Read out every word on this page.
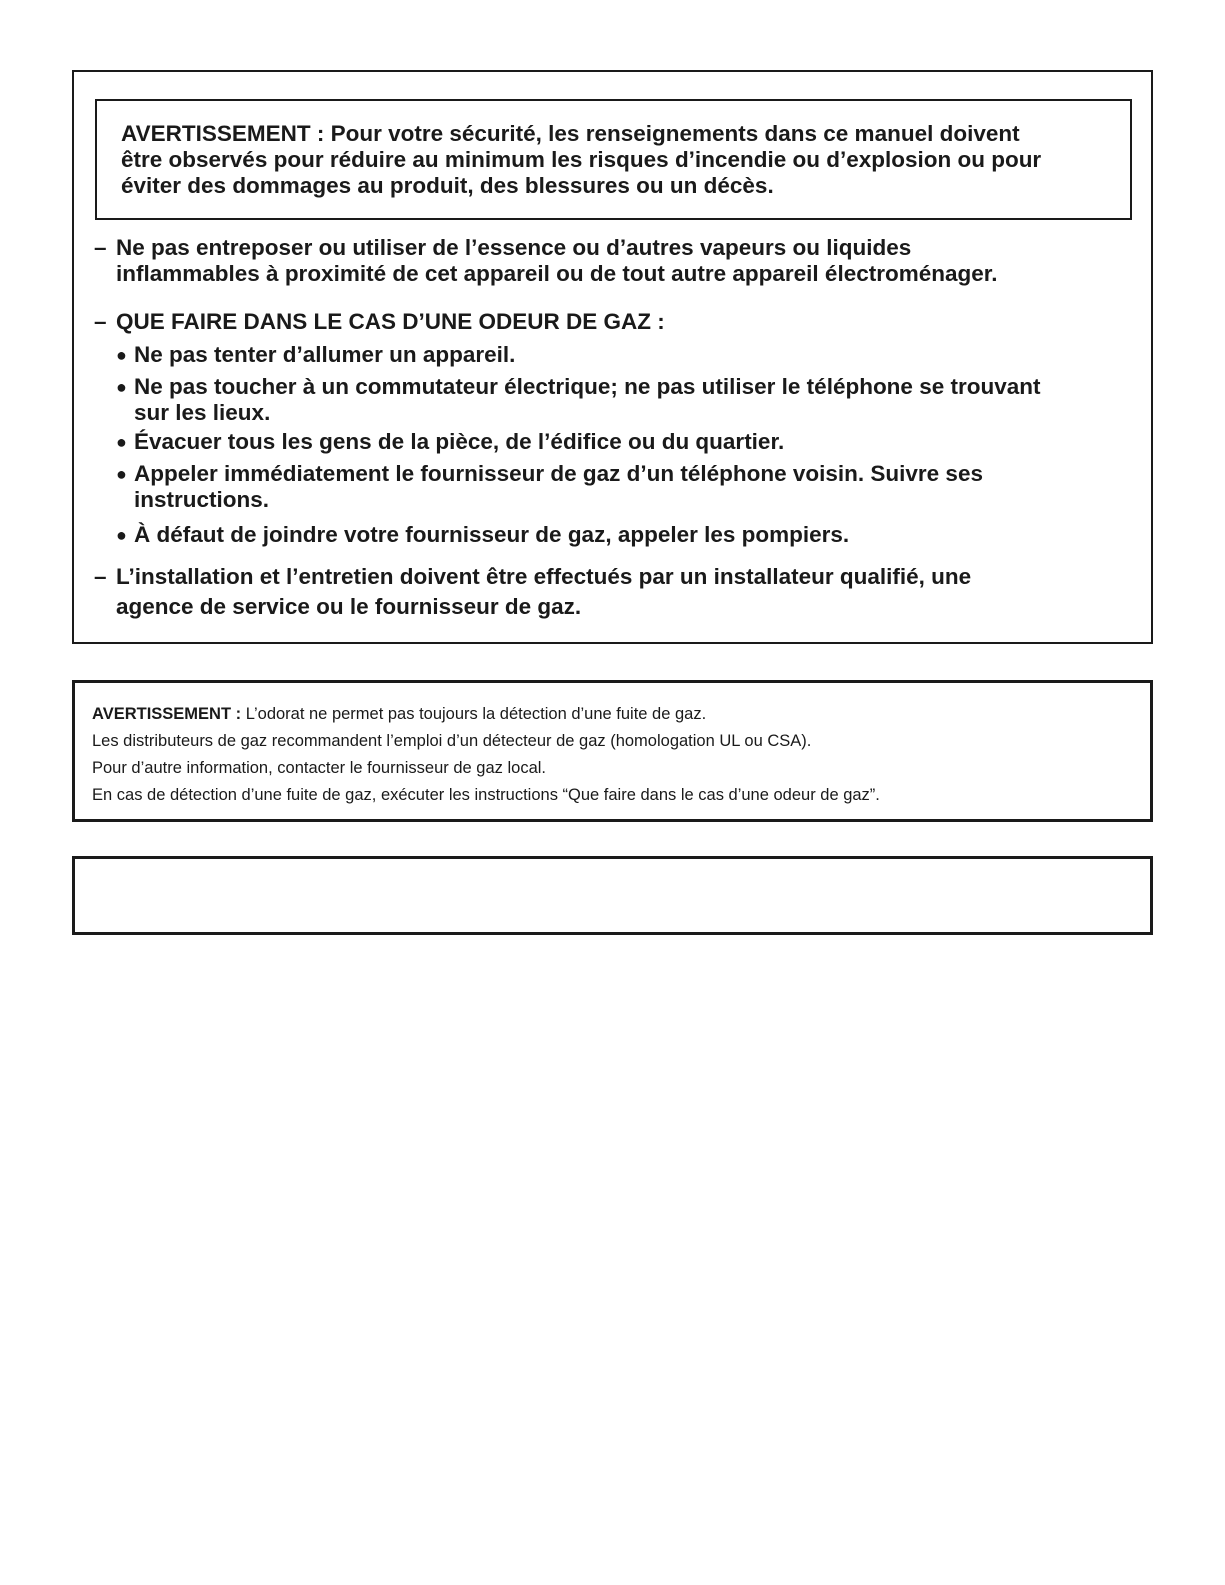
AVERTISSEMENT : Pour votre sécurité, les renseignements dans ce manuel doivent

être observés pour réduire au minimum les risques d’incendie ou d’explosion ou pour

éviter des dommages au produit, des blessures ou un décès.

– Ne pas entreposer ou utiliser de l’essence ou d’autres vapeurs ou liquides
inflammables à proximité de cet appareil ou de tout autre appareil électroménager.
– QUE FAIRE DANS LE CAS D’UNE ODEUR DE GAZ :
● Ne pas tenter d’allumer un appareil.
● Ne pas toucher à un commutateur électrique; ne pas utiliser le téléphone se trouvant
sur les lieux.
● Évacuer tous les gens de la pièce, de l’édifice ou du quartier.
● Appeler immédiatement le fournisseur de gaz d’un téléphone voisin. Suivre ses
instructions.
● À défaut de joindre votre fournisseur de gaz, appeler les pompiers.
– L’installation et l’entretien doivent être effectués par un installateur qualifié, une
agence de service ou le fournisseur de gaz.

AVERTISSEMENT : L’odorat ne permet pas toujours la détection d’une fuite de gaz.

Les distributeurs de gaz recommandent l’emploi d’un détecteur de gaz (homologation UL ou CSA).

Pour d’autre information, contacter le fournisseur de gaz local.

En cas de détection d’une fuite de gaz, exécuter les instructions “Que faire dans le cas d’une odeur de gaz”.
